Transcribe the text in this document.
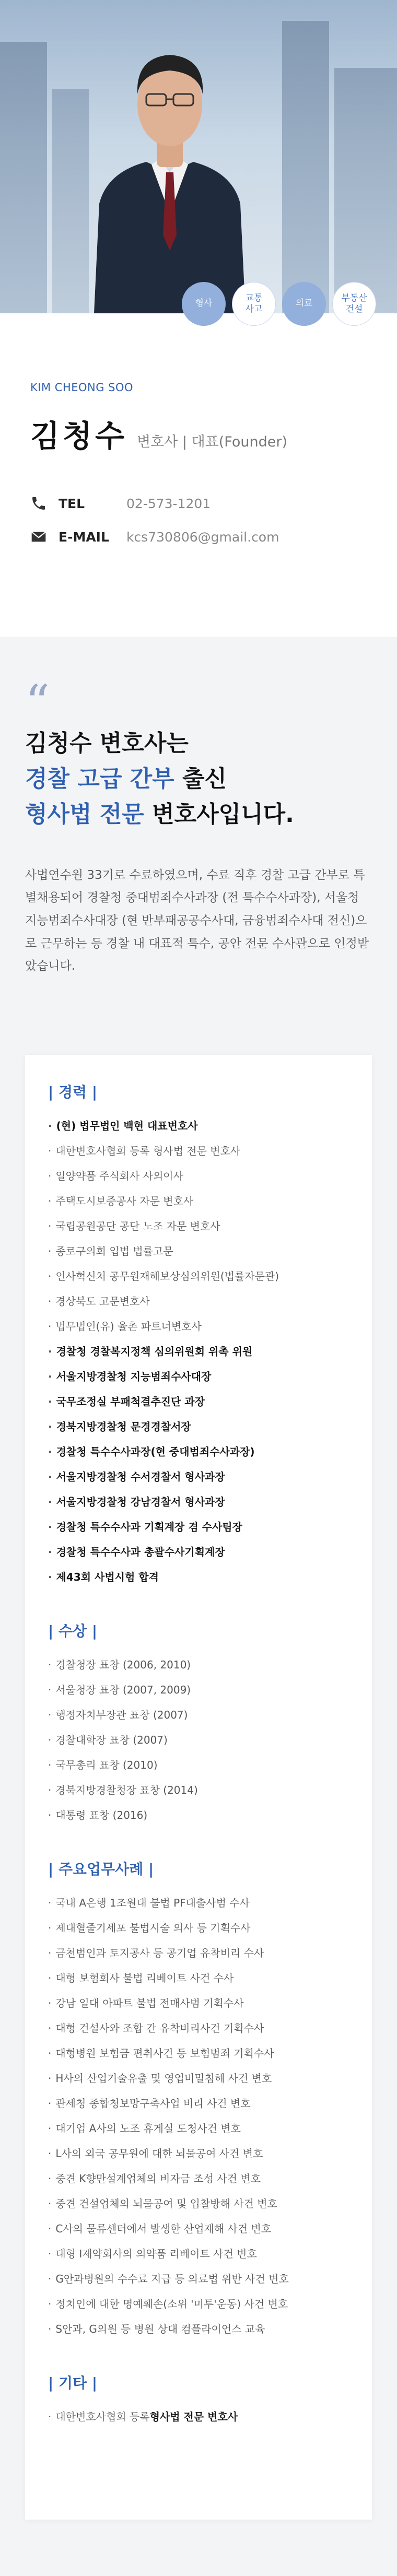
형사
교통
사고
의료
부동산
건설
KIM CHEONG SOO
김청수 변호사 | 대표(Founder)
TEL	02-573-1201
E-MAIL	kcs730806@gmail.com
“
김청수 변호사는
경찰 고급 간부 출신
형사법 전문 변호사입니다.
사법연수원 33기로 수료하였으며, 수료 직후 경찰 고급 간부로 특별채용되어 경찰청 중대범죄수사과장 (전 특수수사과장), 서울청 지능범죄수사대장 (현 반부패공공수사대, 금융범죄수사대 전신)으로 근무하는 등 경찰 내 대표적 특수, 공안 전문 수사관으로 인정받았습니다.
| 경력 |
· (현) 법무법인 백현 대표변호사
· 대한변호사협회 등록 형사법 전문 변호사
· 일양약품 주식회사 사외이사
· 주택도시보증공사 자문 변호사
· 국립공원공단 공단 노조 자문 변호사
· 종로구의회 입법 법률고문
· 인사혁신처 공무원재해보상심의위원(법률자문관)
· 경상북도 고문변호사
· 법무법인(유) 율촌 파트너변호사
· 경찰청 경찰복지정책 심의위원회 위촉 위원
· 서울지방경찰청 지능범죄수사대장
· 국무조정실 부패척결추진단 과장
· 경북지방경찰청 문경경찰서장
· 경찰청 특수수사과장(현 중대범죄수사과장)
· 서울지방경찰청 수서경찰서 형사과장
· 서울지방경찰청 강남경찰서 형사과장
· 경찰청 특수수사과 기획계장 겸 수사팀장
· 경찰청 특수수사과 총괄수사기획계장
· 제43회 사법시험 합격
| 수상 |
· 경찰청장 표창 (2006, 2010)
· 서울청장 표창 (2007, 2009)
· 행정자치부장관 표창 (2007)
· 경찰대학장 표창 (2007)
· 국무총리 표창 (2010)
· 경북지방경찰청장 표창 (2014)
· 대통령 표창 (2016)
| 주요업무사례 |
· 국내 A은행 1조원대 불법 PF대출사범 수사
· 제대혈줄기세포 불법시술 의사 등 기획수사
· 금천범인과 토지공사 등 공기업 유착비리 수사
· 대형 보험회사 불법 리베이트 사건 수사
· 강남 일대 아파트 불법 전매사범 기획수사
· 대형 건설사와 조합 간 유착비리사건 기획수사
· 대형병원 보험금 편취사건 등 보험범죄 기획수사
· H사의 산업기술유출 및 영업비밀침해 사건 변호
· 관세청 종합청보망구축사업 비리 사건 변호
· 대기업 A사의 노조 휴게실 도청사건 변호
· L사의 외국 공무원에 대한 뇌물공여 사건 변호
· 중견 K향만설계업체의 비자금 조성 사건 변호
· 중견 건설업체의 뇌물공여 및 입찰방해 사건 변호
· C사의 물류센터에서 발생한 산업재해 사건 변호
· 대형 I제약회사의 의약품 리베이트 사건 변호
· G안과병원의 수수료 지급 등 의료법 위반 사건 변호
· 정치인에 대한 명예훼손(소위 '미투'운동) 사건 변호
· S안과, G의원 등 병원 상대 컴플라이언스 교육
| 기타 |
· 대한변호사협회 등록 형사법 전문 변호사
